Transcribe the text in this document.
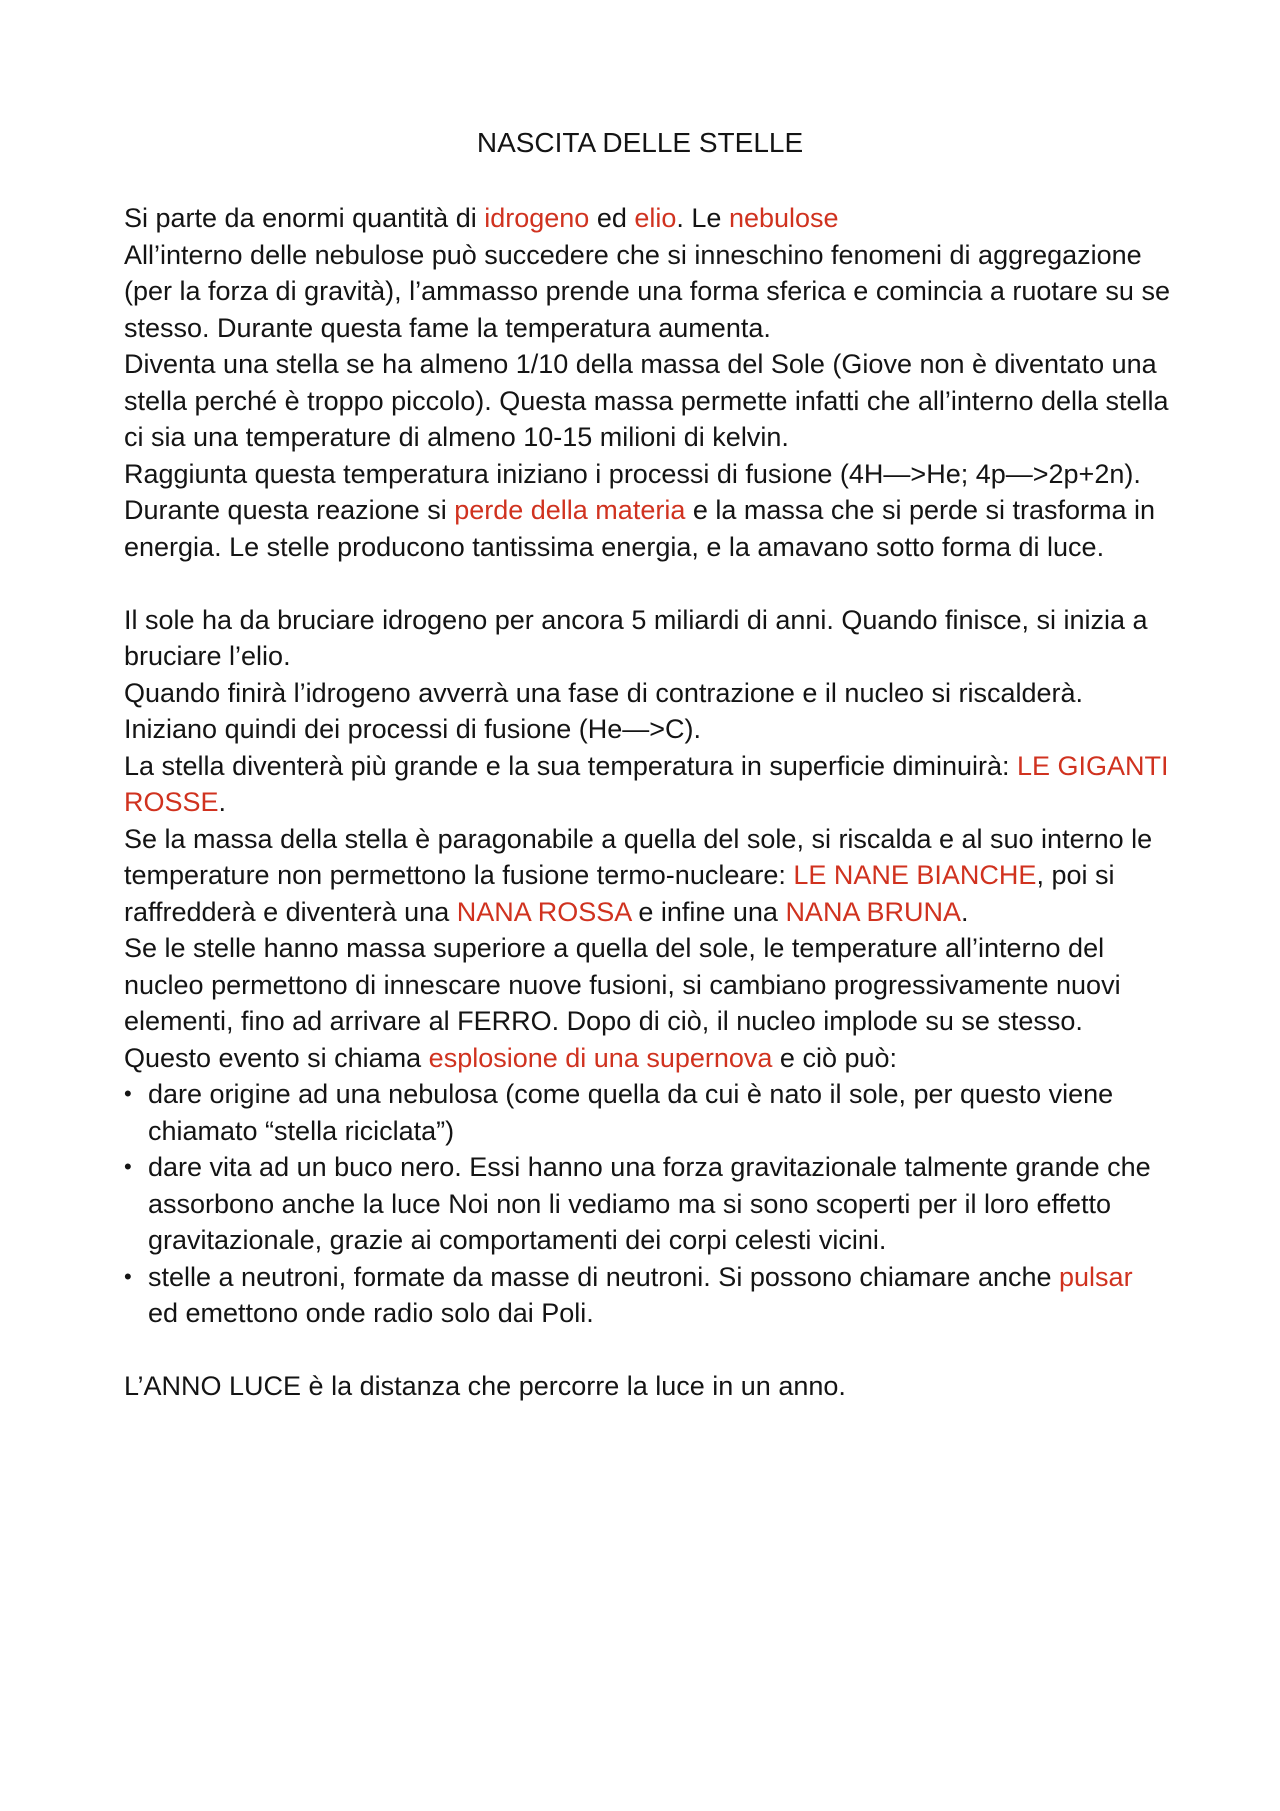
NASCITA DELLE STELLE

Si parte da enormi quantità di idrogeno ed elio. Le nebulose

All’interno delle nebulose può succedere che si inneschino fenomeni di aggregazione (per la forza di gravità), l’ammasso prende una forma sferica e comincia a ruotare su se stesso. Durante questa fame la temperatura aumenta.

Diventa una stella se ha almeno 1/10 della massa del Sole (Giove non è diventato una stella perché è troppo piccolo). Questa massa permette infatti che all’interno della stella ci sia una temperature di almeno 10-15 milioni di kelvin.

Raggiunta questa temperatura iniziano i processi di fusione (4H—>He; 4p—>2p+2n).

Durante questa reazione si perde della materia e la massa che si perde si trasforma in energia. Le stelle producono tantissima energia, e la amavano sotto forma di luce.

Il sole ha da bruciare idrogeno per ancora 5 miliardi di anni. Quando finisce, si inizia a bruciare l’elio.

Quando finirà l’idrogeno avverrà una fase di contrazione e il nucleo si riscalderà. Iniziano quindi dei processi di fusione (He—>C).

La stella diventerà più grande e la sua temperatura in superficie diminuirà: LE GIGANTI ROSSE.

Se la massa della stella è paragonabile a quella del sole, si riscalda e al suo interno le temperature non permettono la fusione termo-nucleare: LE NANE BIANCHE, poi si raffredderà e diventerà una NANA ROSSA e infine una NANA BRUNA.

Se le stelle hanno massa superiore a quella del sole, le temperature all’interno del nucleo permettono di innescare nuove fusioni, si cambiano progressivamente nuovi elementi, fino ad arrivare al FERRO. Dopo di ciò, il nucleo implode su se stesso. Questo evento si chiama esplosione di una supernova e ciò può:

• dare origine ad una nebulosa (come quella da cui è nato il sole, per questo viene chiamato “stella riciclata”)
• dare vita ad un buco nero. Essi hanno una forza gravitazionale talmente grande che assorbono anche la luce Noi non li vediamo ma si sono scoperti per il loro effetto gravitazionale, grazie ai comportamenti dei corpi celesti vicini.
• stelle a neutroni, formate da masse di neutroni. Si possono chiamare anche pulsar ed emettono onde radio solo dai Poli.

L’ANNO LUCE è la distanza che percorre la luce in un anno.
